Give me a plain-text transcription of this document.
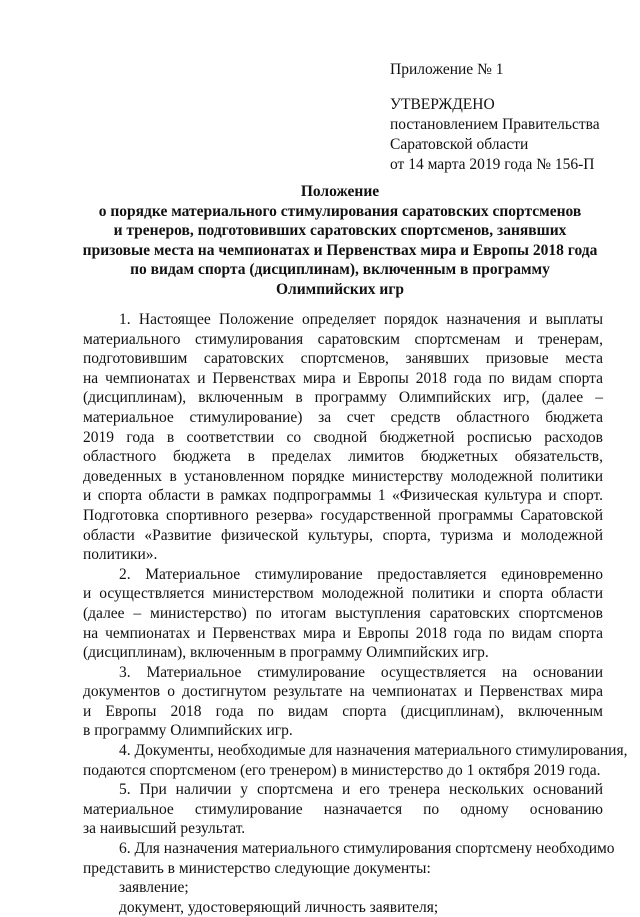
Приложение № 1
УТВЕРЖДЕНО
постановлением Правительства
Саратовской области
от 14 марта 2019 года № 156-П
Положение
о порядке материального стимулирования саратовских спортсменов
и тренеров, подготовивших саратовских спортсменов, занявших
призовые места на чемпионатах и Первенствах мира и Европы 2018 года
по видам спорта (дисциплинам), включенным в программу
Олимпийских игр
1. Настоящее Положение определяет порядок назначения и выплаты
материального стимулирования саратовским спортсменам и тренерам,
подготовившим саратовских спортсменов, занявших призовые места
на чемпионатах и Первенствах мира и Европы 2018 года по видам спорта
(дисциплинам), включенным в программу Олимпийских игр, (далее –
материальное стимулирование) за счет средств областного бюджета
2019 года в соответствии со сводной бюджетной росписью расходов
областного бюджета в пределах лимитов бюджетных обязательств,
доведенных в установленном порядке министерству молодежной политики
и спорта области в рамках подпрограммы 1 «Физическая культура и спорт.
Подготовка спортивного резерва» государственной программы Саратовской
области «Развитие физической культуры, спорта, туризма и молодежной
политики».
2. Материальное стимулирование предоставляется единовременно
и осуществляется министерством молодежной политики и спорта области
(далее – министерство) по итогам выступления саратовских спортсменов
на чемпионатах и Первенствах мира и Европы 2018 года по видам спорта
(дисциплинам), включенным в программу Олимпийских игр.
3. Материальное стимулирование осуществляется на основании
документов о достигнутом результате на чемпионатах и Первенствах мира
и Европы 2018 года по видам спорта (дисциплинам), включенным
в программу Олимпийских игр.
4. Документы, необходимые для назначения материального стимулирования,
подаются спортсменом (его тренером) в министерство до 1 октября 2019 года.
5. При наличии у спортсмена и его тренера нескольких оснований
материальное стимулирование назначается по одному основанию
за наивысший результат.
6. Для назначения материального стимулирования спортсмену необходимо
представить в министерство следующие документы:
заявление;
документ, удостоверяющий личность заявителя;
